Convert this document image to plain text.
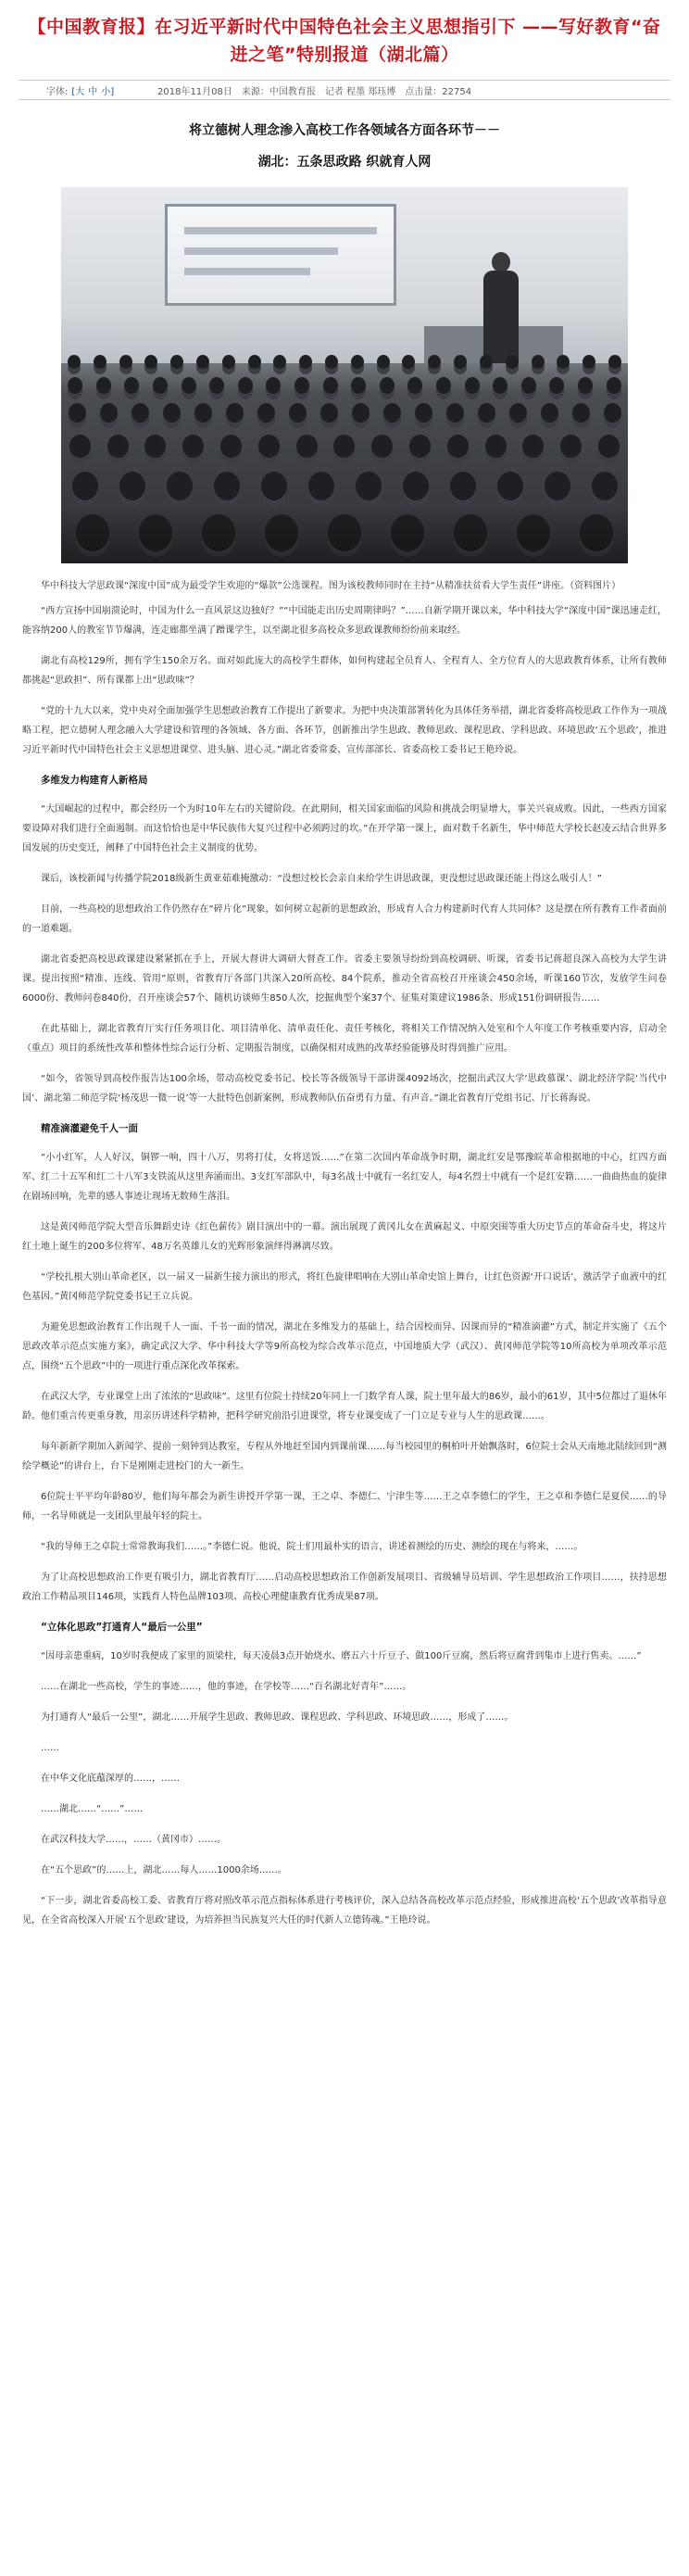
【中国教育报】在习近平新时代中国特色社会主义思想指引下 ——写好教育“奋进之笔”特别报道（湖北篇）
字体: [大 中 小]	2018年11月08日 来源：中国教育报 记者 程墨 郑珏博 点击量：22754
将立德树人理念渗入高校工作各领域各方面各环节－－
湖北：五条思政路 织就育人网

华中科技大学思政课“深度中国”成为最受学生欢迎的“爆款”公选课程。图为该校教师同时在主持“从精准扶贫看大学生责任”讲座。（资料图片）

“西方宣扬中国崩溃论时，中国为什么一直风景这边独好？”“中国能走出历史周期律吗？”……自新学期开课以来，华中科技大学“深度中国”课迅速走红，能容纳200人的教室节节爆满，连走廊都坐满了蹭课学生，以至湖北很多高校众多思政课教师纷纷前来取经。

湖北有高校129所，拥有学生150余万名。面对如此庞大的高校学生群体，如何构建起全员育人、全程育人、全方位育人的大思政教育体系，让所有教师都挑起“思政担”、所有课都上出“思政味”？

“党的十九大以来，党中央对全面加强学生思想政治教育工作提出了新要求。为把中央决策部署转化为具体任务举措，湖北省委将高校思政工作作为一项战略工程，把立德树人理念融入大学建设和管理的各领域、各方面、各环节，创新推出学生思政、教师思政、课程思政、学科思政、环境思政‘五个思政’，推进习近平新时代中国特色社会主义思想进课堂、进头脑、进心灵。”湖北省委常委、宣传部部长、省委高校工委书记王艳玲说。

多维发力构建育人新格局

“大国崛起的过程中，都会经历一个为时10年左右的关键阶段。在此期间，相关国家面临的风险和挑战会明显增大，事关兴衰成败。因此，一些西方国家要设障对我们进行全面遏制。而这恰恰也是中华民族伟大复兴过程中必须跨过的坎。”在开学第一课上，面对数千名新生，华中师范大学校长赵凌云结合世界多国发展的历史变迁，阐释了中国特色社会主义制度的优势。

课后，该校新闻与传播学院2018级新生黄亚茹难掩激动：“没想过校长会亲自来给学生讲思政课，更没想过思政课还能上得这么吸引人！”

目前，一些高校的思想政治工作仍然存在“碎片化”现象，如何树立起新的思想政治，形成育人合力构建新时代育人共同体？这是摆在所有教育工作者面前的一道难题。

湖北省委把高校思政课建设紧紧抓在手上，开展大督讲大调研大督查工作。省委主要领导纷纷到高校调研、听课，省委书记蒋超良深入高校为大学生讲课。提出按照“精准、连线、管用”原则，省教育厅各部门共深入20所高校、84个院系，推动全省高校召开座谈会450余场，听课160节次，发放学生问卷6000份、教师问卷840份，召开座谈会57个、随机访谈师生850人次，挖掘典型个案37个、征集对策建议1986条、形成151份调研报告……

在此基础上，湖北省教育厅实行任务项目化、项目清单化、清单责任化、责任考核化，将相关工作情况纳入处室和个人年度工作考核重要内容，启动全（重点）项目的系统性改革和整体性综合运行分析、定期报告制度，以确保相对成熟的改革经验能够及时得到推广应用。

“如今，省领导到高校作报告达100余场，带动高校党委书记、校长等各级领导干部讲课4092场次，挖掘出武汉大学‘思政慕课’、湖北经济学院‘当代中国’、湖北第二师范学院‘杨茂思一微一说’等一大批特色创新案例，形成教师队伍奋勇有力量、有声音。”湖北省教育厅党组书记、厅长蒋海说。

精准滴灌避免千人一面

“小小红军，人人好汉，铜锣一响，四十八万，男将打仗，女将送饭……”在第二次国内革命战争时期，湖北红安是鄂豫皖革命根据地的中心，红四方面军、红二十五军和红二十八军3支铁流从这里奔涌而出。3支红军部队中，每3名战士中就有一名红安人，每4名烈士中就有一个是红安籍……一曲曲热血的旋律在剧场回响，先辈的感人事迹让现场无数师生落泪。

这是黄冈师范学院大型音乐舞蹈史诗《红色薪传》剧目演出中的一幕。演出展现了黄冈儿女在黄麻起义、中原突围等重大历史节点的革命奋斗史，将这片红土地上诞生的200多位将军、48万名英雄儿女的光辉形象演绎得淋漓尽致。

“学校扎根大别山革命老区，以一届又一届新生接力演出的形式，将红色旋律唱响在大别山革命史馆上舞台，让红色资源‘开口说话’，激活学子血液中的红色基因。”黄冈师范学院党委书记王立兵说。

为避免思想政治教育工作出现千人一面、千书一面的情况，湖北在多维发力的基础上，结合因校而异、因课而异的“精准滴灌”方式，制定并实施了《五个思政改革示范点实施方案》，确定武汉大学、华中科技大学等9所高校为综合改革示范点，中国地质大学（武汉）、黄冈师范学院等10所高校为单项改革示范点，围绕“五个思政”中的一项进行重点深化改革探索。

在武汉大学，专业课堂上出了浓浓的“思政味”。这里有位院士持续20年同上一门数学育人课，院士里年最大的86岁，最小的61岁，其中5位都过了退休年龄。他们重言传更重身教，用亲历讲述科学精神，把科学研究前沿引进课堂，将专业课变成了一门立足专业与人生的思政课……。

每年新新学期加入新闻学、提前一刻钟到达教室，专程从外地赶至国内到课前课……每当校园里的桐柏叶开始飘落时，6位院士会从天南地北陆续回到“测绘学概论”的讲台上，台下是刚刚走进校门的大一新生。

6位院士平平均年龄80岁，他们每年都会为新生讲授开学第一课，王之卓、李德仁、宁津生等……王之卓李德仁的学生，王之卓和李德仁是夏侯……的导师，一名导师就是一支团队里最年轻的院士。

“我的导师王之卓院士常常教诲我们……。”李德仁说。他说，院士们用最朴实的语言，讲述着测绘的历史、测绘的现在与将来，……。

为了让高校思想政治工作更有吸引力，湖北省教育厅……启动高校思想政治工作创新发展项目、省级辅导员培训、学生思想政治工作项目……，扶持思想政治工作精品项目146项，实践育人特色品牌103项、高校心理健康教育优秀成果87项。

“立体化思政”打通育人“最后一公里”

“因母亲患重病，10岁时我便成了家里的顶梁柱，每天凌晨3点开始烧水、磨五六十斤豆子、做100斤豆腐，然后将豆腐背到集市上进行售卖。……”

……在湖北一些高校，学生的事迹……，他的事迹，在学校等……“百名湖北好青年”……。

为打通育人“最后一公里”，湖北……开展学生思政、教师思政、课程思政、学科思政、环境思政……，形成了……。

……

在中华文化底蕴深厚的……，……

……湖北……“……”……

在武汉科技大学……，……（黄冈市）……。

在“五个思政”的……上，湖北……每人……1000余场……。

“下一步，湖北省委高校工委、省教育厅将对照改革示范点指标体系进行考核评价，深入总结各高校改革示范点经验，形成推进高校‘五个思政’改革指导意见，在全省高校深入开展‘五个思政’建设，为培养担当民族复兴大任的时代新人立德铸魂。”王艳玲说。
